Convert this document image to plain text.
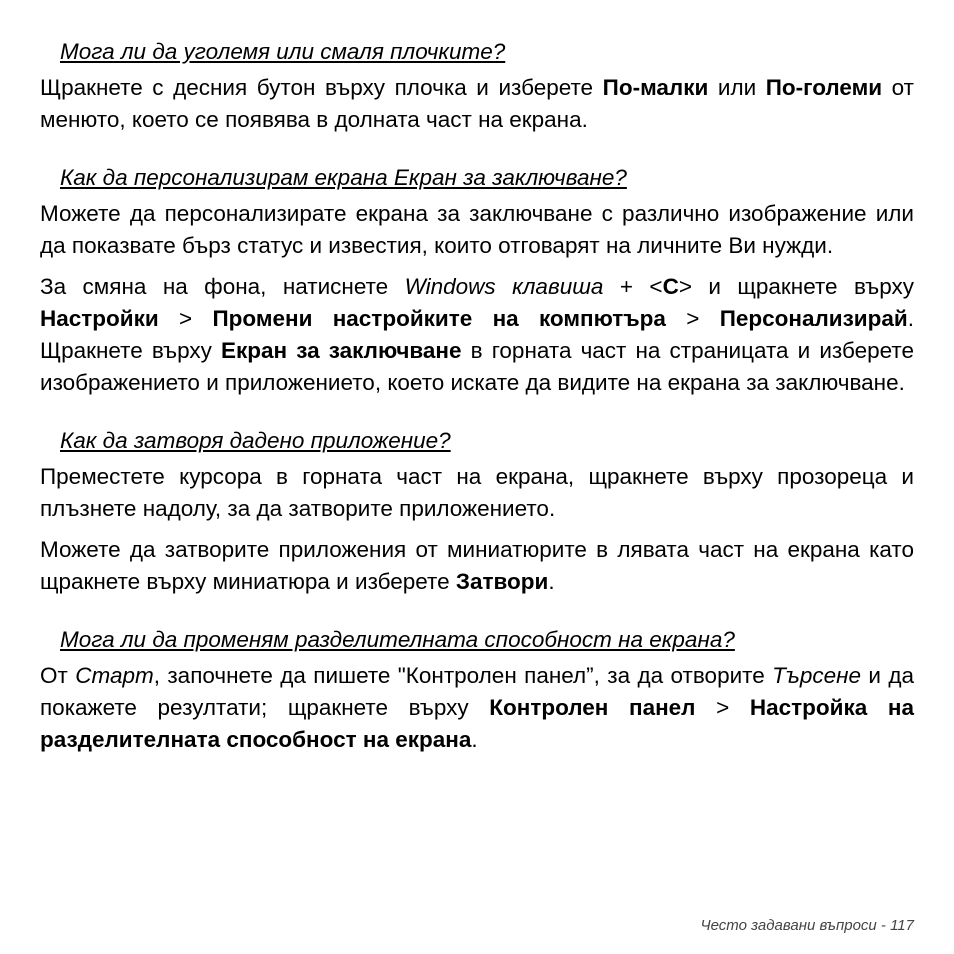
Мога ли да уголемя или смаля плочките?

Щракнете с десния бутон върху плочка и изберете По-малки или По-големи от менюто, което се появява в долната част на екрана.

Как да персонализирам екрана Екран за заключване?

Можете да персонализирате екрана за заключване с различно изображение или да показвате бърз статус и известия, които отговарят на личните Ви нужди.

За смяна на фона, натиснете Windows клавиша + <C> и щракнете върху Настройки > Промени настройките на компютъра > Персонализирай. Щракнете върху Екран за заключване в горната част на страницата и изберете изображението и приложението, което искате да видите на екрана за заключване.

Как да затворя дадено приложение?

Преместете курсора в горната част на екрана, щракнете върху прозореца и плъзнете надолу, за да затворите приложението.

Можете да затворите приложения от миниатюрите в лявата част на екрана като щракнете върху миниатюра и изберете Затвори.

Мога ли да променям разделителната способност на екрана?

От Старт, започнете да пишете "Контролен панел”, за да отворите Търсене и да покажете резултати; щракнете върху Контролен панел > Настройка на разделителната способност на екрана.

Често задавани въпроси - 117
